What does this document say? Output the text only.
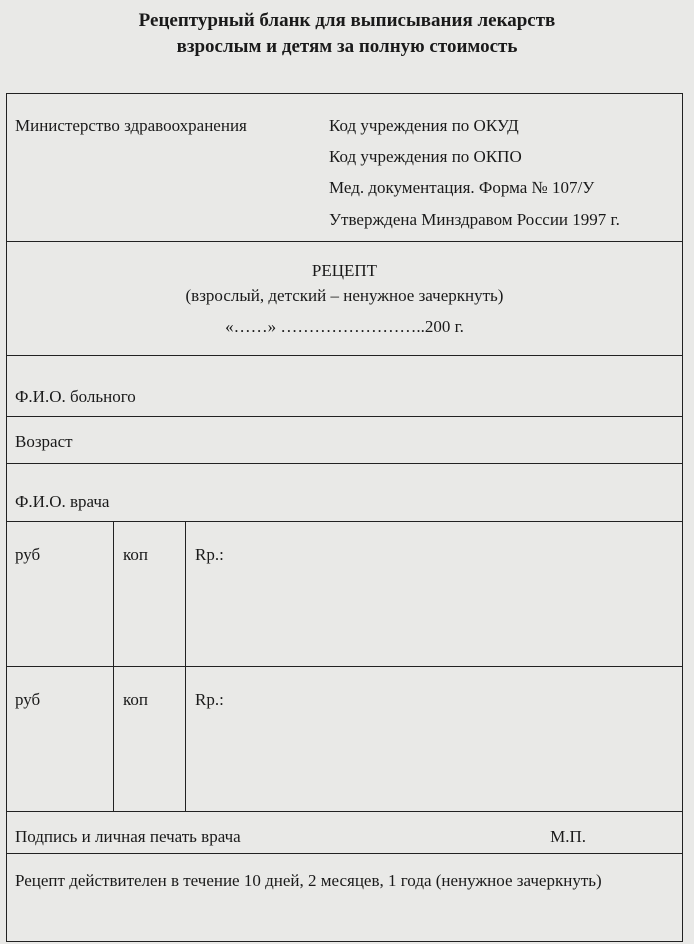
Рецептурный бланк для выписывания лекарств
взрослым и детям за полную стоимость
Министерство здравоохранения	Код учреждения по ОКУД
Код учреждения по ОКПО
Мед. документация. Форма № 107/У
Утверждена Минздравом России 1997 г.
РЕЦЕПТ
(взрослый, детский – ненужное зачеркнуть)
«……» ……………………..200 г.
Ф.И.О. больного
Возраст
Ф.И.О. врача
руб	коп	Rp.:
руб	коп	Rp.:
Подпись и личная печать врача	М.П.
Рецепт действителен в течение 10 дней, 2 месяцев, 1 года (ненужное зачеркнуть)
